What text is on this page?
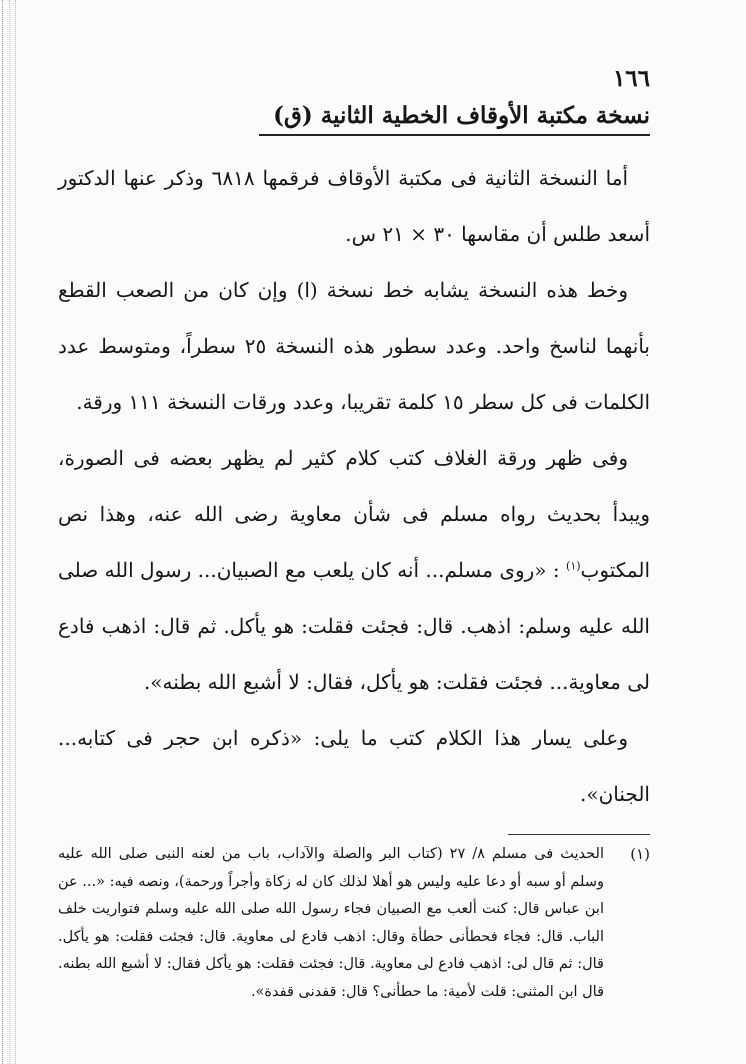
١٦٦
نسخة مكتبة الأوقاف الخطية الثانية (ق)

أما النسخة الثانية فى مكتبة الأوقاف فرقمها ٦٨١٨ وذكر عنها الدكتور أسعد طلس أن مقاسها ٣٠ × ٢١ س.

وخط هذه النسخة يشابه خط نسخة (ا) وإن كان من الصعب القطع بأنهما لناسخ واحد. وعدد سطور هذه النسخة ٢٥ سطراً، ومتوسط عدد الكلمات فى كل سطر ١٥ كلمة تقريبا، وعدد ورقات النسخة ١١١ ورقة.

وفى ظهر ورقة الغلاف كتب كلام كثير لم يظهر بعضه فى الصورة، ويبدأ بحديث رواه مسلم فى شأن معاوية رضى الله عنه، وهذا نص المكتوب$^{(١)}$ : «روى مسلم... أنه كان يلعب مع الصبيان... رسول الله صلى الله عليه وسلم: اذهب. قال: فجئت فقلت: هو يأكل. ثم قال: اذهب فادع لى معاوية... فجئت فقلت: هو يأكل، فقال: لا أشبع الله بطنه».

وعلى يسار هذا الكلام كتب ما يلى: «ذكره ابن حجر فى كتابه... الجنان».

(١)

الحديث فى مسلم ٨/ ٢٧ (كتاب البر والصلة والآداب، باب من لعنه النبى صلى الله عليه وسلم أو سبه أو دعا عليه وليس هو أهلا لذلك كان له زكاة وأجراً ورحمة)، ونصه فيه: «... عن ابن عباس قال: كنت ألعب مع الصبيان فجاء رسول الله صلى الله عليه وسلم فتواريت خلف الباب. قال: فجاء فحطأنى حطأة وقال: اذهب فادع لى معاوية. قال: فجئت فقلت: هو يأكل. قال: ثم قال لى: اذهب فادع لى معاوية. قال: فجئت فقلت: هو يأكل فقال: لا أشبع الله بطنه. قال ابن المثنى: قلت لأمية: ما حطأنى؟ قال: قفدنى قفدة».
